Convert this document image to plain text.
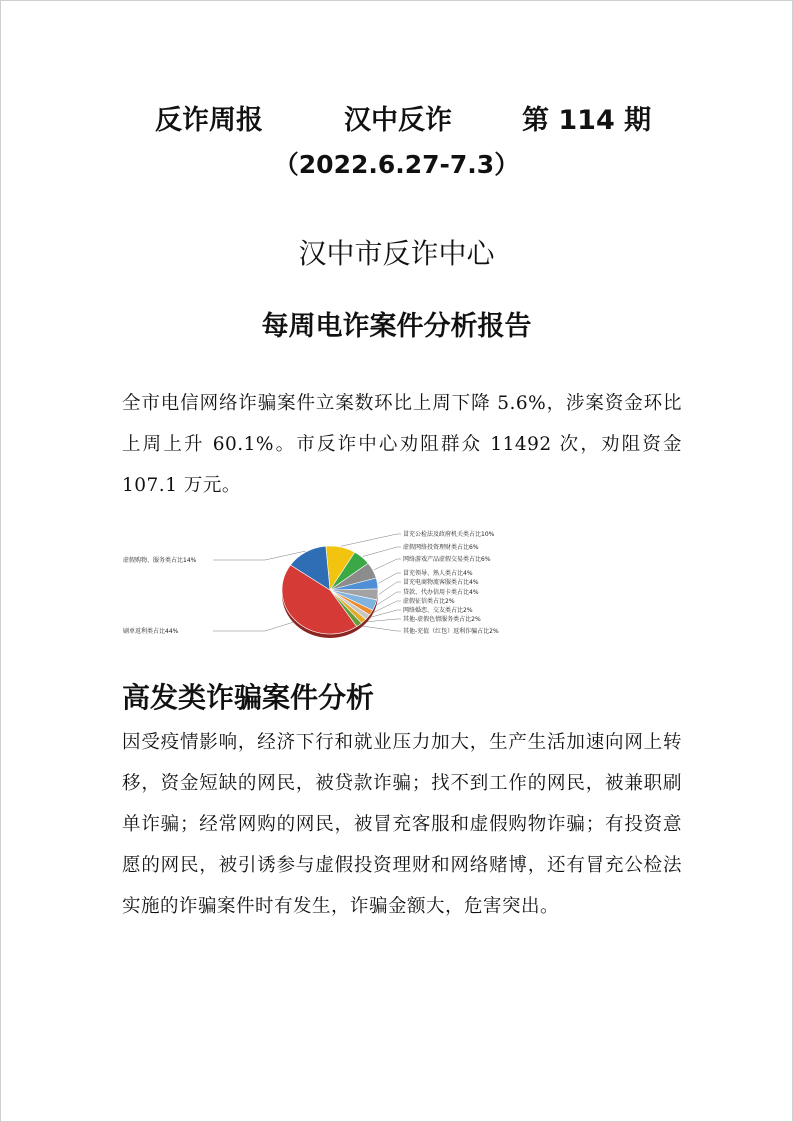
反诈周报	汉中反诈	第 114 期
（2022.6.27-7.3）
汉中市反诈中心
每周电诈案件分析报告

全市电信网络诈骗案件立案数环比上周下降 5.6%，涉案资金环比上周上升 60.1%。市反诈中心劝阻群众 11492 次，劝阻资金 107.1 万元。

冒充公检法及政府机关类占比10%
虚假网络投资理财类占比6%
网络游戏产品虚假交易类占比6%
冒充领导、熟人类占比4%
冒充电商物流客服类占比4%
贷款、代办信用卡类占比4%
虚假征信类占比2%
网络婚恋、交友类占比2%
其他-虚假色情服务类占比2%
其他-充值（红包）返利诈骗占比2%
虚假购物、服务类占比14%
刷单返利类占比44%
高发类诈骗案件分析

因受疫情影响，经济下行和就业压力加大，生产生活加速向网上转移，资金短缺的网民，被贷款诈骗；找不到工作的网民，被兼职刷单诈骗；经常网购的网民，被冒充客服和虚假购物诈骗；有投资意愿的网民，被引诱参与虚假投资理财和网络赌博，还有冒充公检法实施的诈骗案件时有发生，诈骗金额大，危害突出。
